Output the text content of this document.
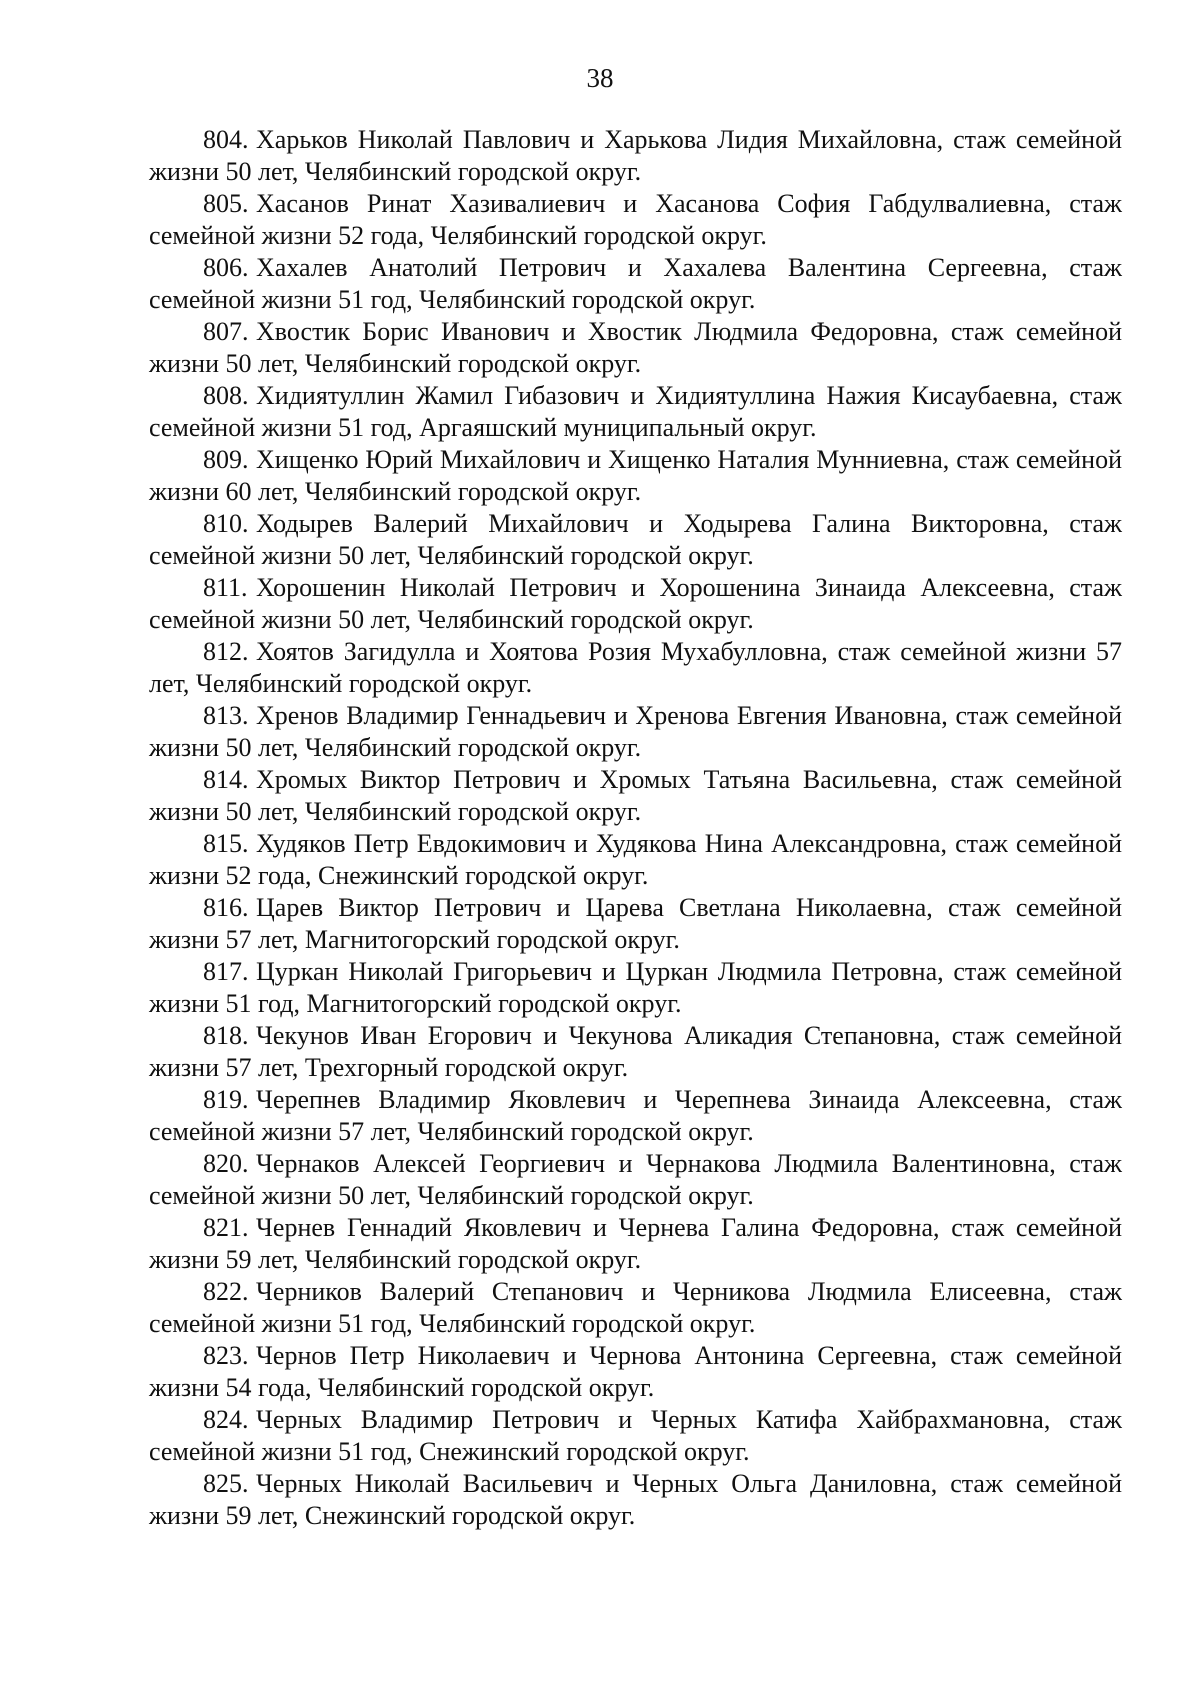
38

804. Харьков Николай Павлович и Харькова Лидия Михайловна, стаж семейной жизни 50 лет, Челябинский городской округ.

805. Хасанов Ринат Хазивалиевич и Хасанова София Габдулвалиевна, стаж семейной жизни 52 года, Челябинский городской округ.

806. Хахалев Анатолий Петрович и Хахалева Валентина Сергеевна, стаж семейной жизни 51 год, Челябинский городской округ.

807. Хвостик Борис Иванович и Хвостик Людмила Федоровна, стаж семейной жизни 50 лет, Челябинский городской округ.

808. Хидиятуллин Жамил Гибазович и Хидиятуллина Нажия Кисаубаевна, стаж семейной жизни 51 год, Аргаяшский муниципальный округ.

809. Хищенко Юрий Михайлович и Хищенко Наталия Мунниевна, стаж семейной жизни 60 лет, Челябинский городской округ.

810. Ходырев Валерий Михайлович и Ходырева Галина Викторовна, стаж семейной жизни 50 лет, Челябинский городской округ.

811. Хорошенин Николай Петрович и Хорошенина Зинаида Алексеевна, стаж семейной жизни 50 лет, Челябинский городской округ.

812. Хоятов Загидулла и Хоятова Розия Мухабулловна, стаж семейной жизни 57 лет, Челябинский городской округ.

813. Хренов Владимир Геннадьевич и Хренова Евгения Ивановна, стаж семейной жизни 50 лет, Челябинский городской округ.

814. Хромых Виктор Петрович и Хромых Татьяна Васильевна, стаж семейной жизни 50 лет, Челябинский городской округ.

815. Худяков Петр Евдокимович и Худякова Нина Александровна, стаж семейной жизни 52 года, Снежинский городской округ.

816. Царев Виктор Петрович и Царева Светлана Николаевна, стаж семейной жизни 57 лет, Магнитогорский городской округ.

817. Цуркан Николай Григорьевич и Цуркан Людмила Петровна, стаж семейной жизни 51 год, Магнитогорский городской округ.

818. Чекунов Иван Егорович и Чекунова Аликадия Степановна, стаж семейной жизни 57 лет, Трехгорный городской округ.

819. Черепнев Владимир Яковлевич и Черепнева Зинаида Алексеевна, стаж семейной жизни 57 лет, Челябинский городской округ.

820. Чернаков Алексей Георгиевич и Чернакова Людмила Валентиновна, стаж семейной жизни 50 лет, Челябинский городской округ.

821. Чернев Геннадий Яковлевич и Чернева Галина Федоровна, стаж семейной жизни 59 лет, Челябинский городской округ.

822. Черников Валерий Степанович и Черникова Людмила Елисеевна, стаж семейной жизни 51 год, Челябинский городской округ.

823. Чернов Петр Николаевич и Чернова Антонина Сергеевна, стаж семейной жизни 54 года, Челябинский городской округ.

824. Черных Владимир Петрович и Черных Катифа Хайбрахмановна, стаж семейной жизни 51 год, Снежинский городской округ.

825. Черных Николай Васильевич и Черных Ольга Даниловна, стаж семейной жизни 59 лет, Снежинский городской округ.
